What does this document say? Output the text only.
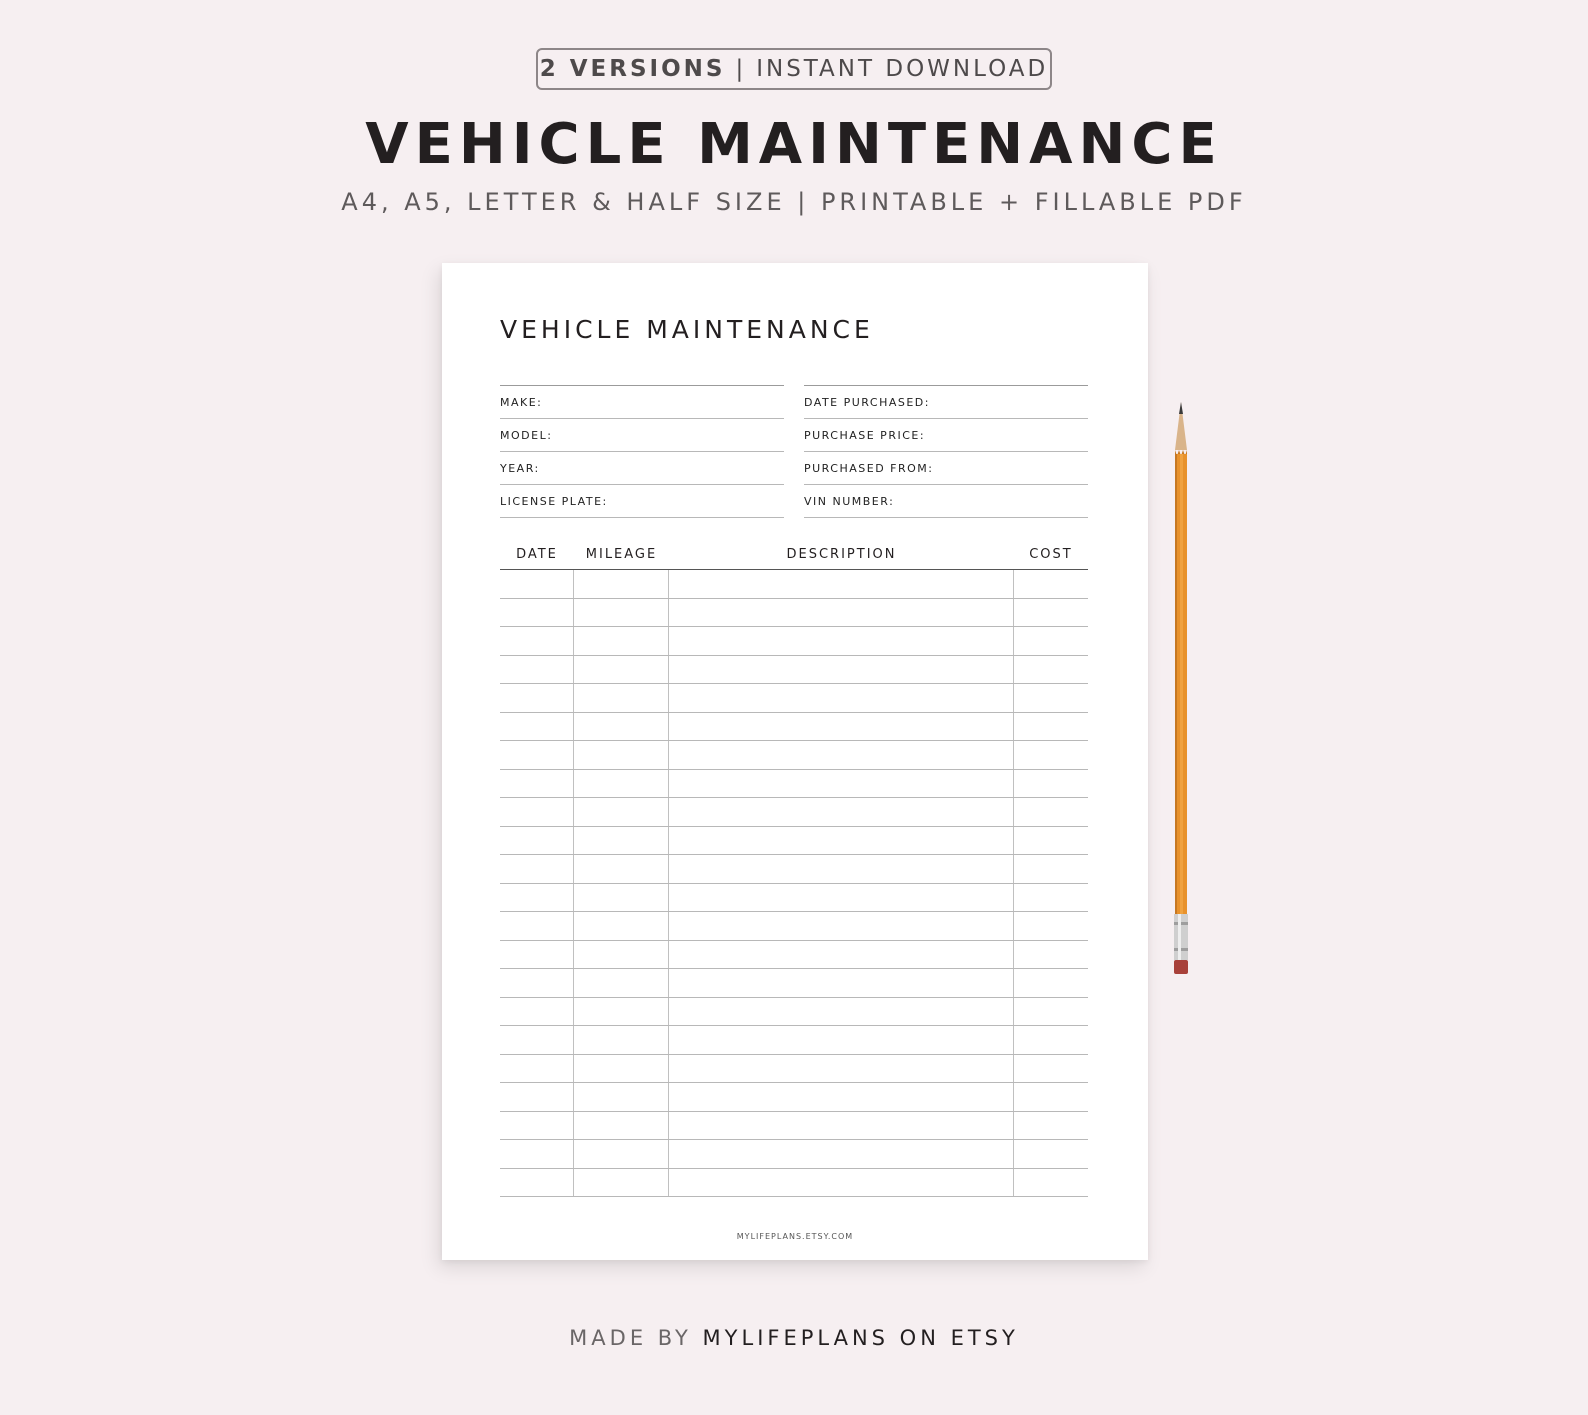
2 VERSIONS | INSTANT DOWNLOAD
VEHICLE MAINTENANCE
A4, A5, LETTER & HALF SIZE | PRINTABLE + FILLABLE PDF
VEHICLE MAINTENANCE
MAKE:
MODEL:
YEAR:
LICENSE PLATE:
DATE PURCHASED:
PURCHASE PRICE:
PURCHASED FROM:
VIN NUMBER:
DATE	MILEAGE	DESCRIPTION	COST
MYLIFEPLANS.ETSY.COM
MADE BY MYLIFEPLANS ON ETSY
